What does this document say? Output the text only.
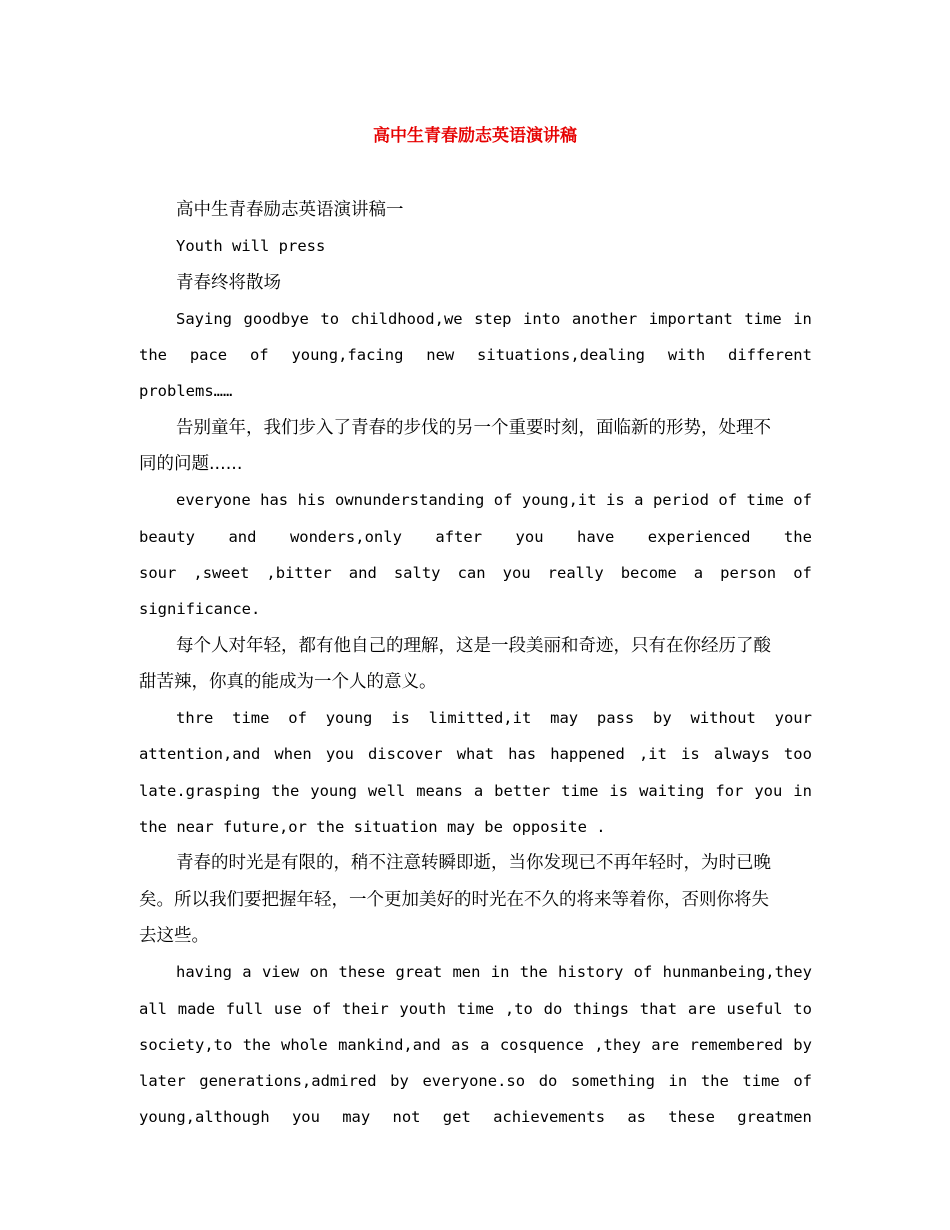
高中生青春励志英语演讲稿
高中生青春励志英语演讲稿一
Youth will press
青春终将散场
Saying goodbye to childhood,we step into another important time in
the pace of young,facing new situations,dealing with different
problems……
告别童年，我们步入了青春的步伐的另一个重要时刻，面临新的形势，处理不
同的问题......
everyone has his ownunderstanding of young,it is a period of time of
beauty and wonders,only after you have experienced the
sour ,sweet ,bitter and salty can you really become a person of
significance.
每个人对年轻，都有他自己的理解，这是一段美丽和奇迹，只有在你经历了酸
甜苦辣，你真的能成为一个人的意义。
thre time of young is limitted,it may pass by without your
attention,and when you discover what has happened ,it is always too
late.grasping the young well means a better time is waiting for you in
the near future,or the situation may be opposite .
青春的时光是有限的，稍不注意转瞬即逝，当你发现已不再年轻时，为时已晚
矣。所以我们要把握年轻，一个更加美好的时光在不久的将来等着你，否则你将失
去这些。
having a view on these great men in the history of hunmanbeing,they
all made full use of their youth time ,to do things that are useful to
society,to the whole mankind,and as a cosquence ,they are remembered by
later generations,admired by everyone.so do something in the time of
young,although you may not get achievements as these greatmen
